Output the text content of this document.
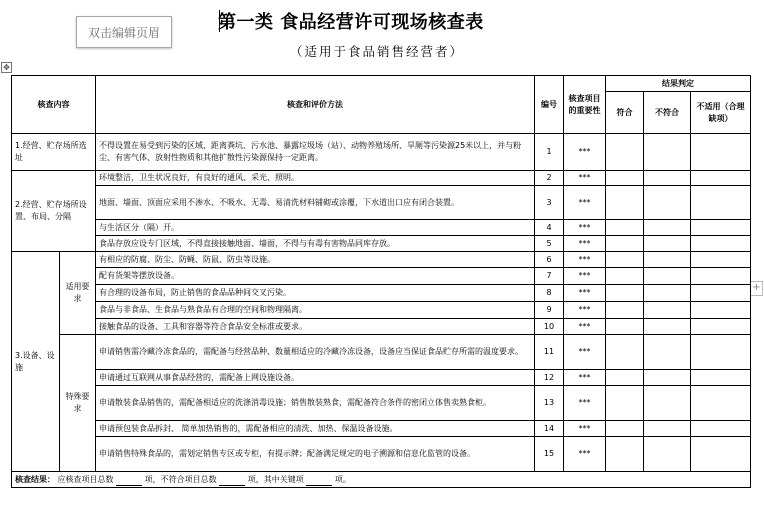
双击编辑页眉	第一类 食品经营许可现场核查表
（适用于食品销售经营者）
✥
+
核查内容		核查和评价方法	编号	核查项目的重要性	结果判定		
					符合	不符合	不适用（合理缺项）
1.经营、贮存场所选址		不得设置在易受到污染的区域，距离粪坑、污水池、暴露垃圾场（站）、动物养殖场所、旱厕等污染源25米以上，并与粉尘、有害气体、放射性物质和其他扩散性污染源保持一定距离。	1	***			
2.经营、贮存场所设置、布局、分隔		环境整洁，卫生状况良好，有良好的通风、采光、照明。	2	***			
		地面、墙面、顶面应采用不渗水、不吸水、无毒、易清洗材料铺砌或涂覆，下水道出口应有闭合装置。	3	***			
		与生活区分（隔）开。	4	***			
		食品存放应设专门区域，不得直接接触地面、墙面，不得与有毒有害物品同库存放。	5	***			
3.设备、设施	适用要求	有相应的防腐、防尘、防蝇、防鼠、防虫等设施。	6	***			
		配有货架等摆放设备。	7	***			
		有合理的设备布局，防止销售的食品品种间交叉污染。	8	***			
		食品与非食品、生食品与熟食品有合理的空间和物理隔离。	9	***			
		接触食品的设备、工具和容器等符合食品安全标准或要求。	10	***			
	特殊要求	申请销售需冷藏冷冻食品的，需配备与经营品种、数量相适应的冷藏冷冻设备，设备应当保证食品贮存所需的温度要求。	11	***			
		申请通过互联网从事食品经营的，需配备上网设施设备。	12	***			
		申请散装食品销售的，需配备相适应的洗涤消毒设施；销售散装熟食，需配备符合条件的密闭立体售卖熟食柜。	13	***			
		申请预包装食品拆封、 简单加热销售的，需配备相应的清洗、加热、保温设备设施。	14	***			
		申请销售特殊食品的，需划定销售专区或专柜，有提示牌；配备满足规定的电子溯源和信息化监管的设备。	15	***			
核查结果： 应核查项目总数 项，不符合项目总数 项，其中关键项 项。							
